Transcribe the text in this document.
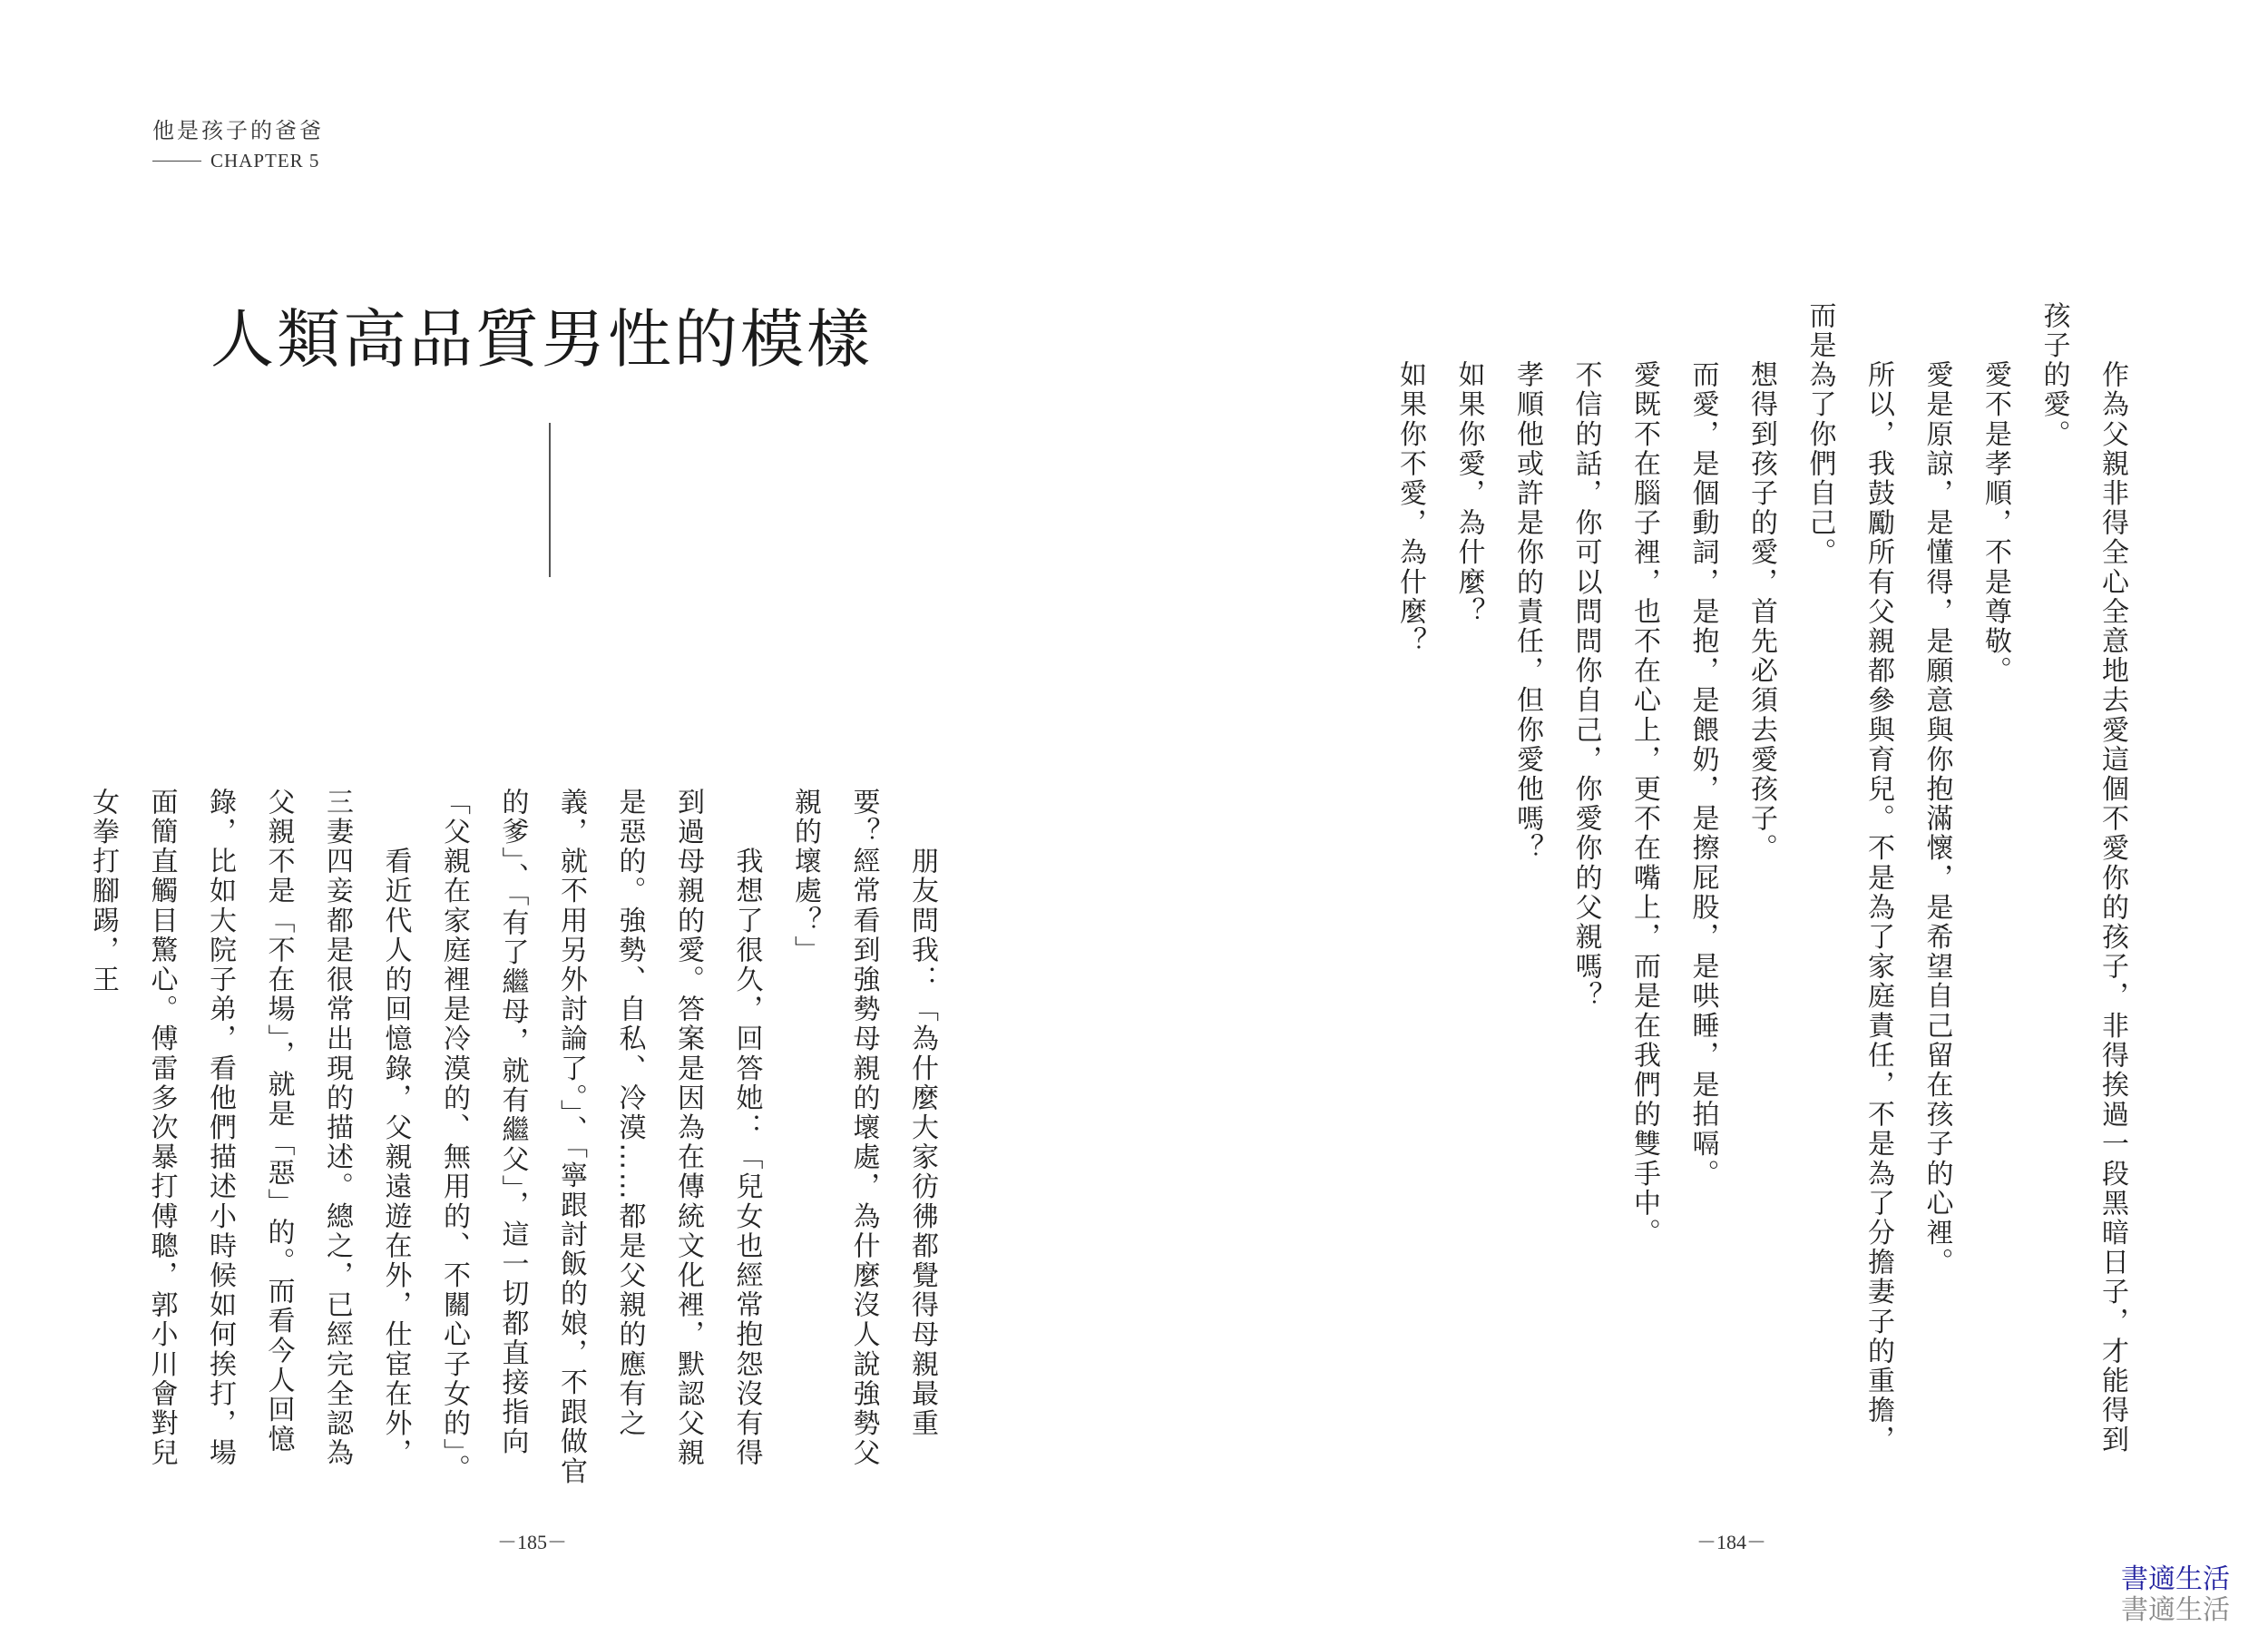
他是孩子的爸爸
CHAPTER 5
人類高品質男性的模樣

　　朋友問我：「為什麼大家彷彿都覺得母親最重要？經常看到強勢母親的壞處，為什麼沒人說強勢父親的壞處？」

　　我想了很久，回答她：「兒女也經常抱怨沒有得到過母親的愛。答案是因為在傳統文化裡，默認父親是惡的。強勢、自私、冷漠……都是父親的應有之義，就不用另外討論了。」、「寧跟討飯的娘，不跟做官的爹」、「有了繼母，就有繼父」，這一切都直接指向「父親在家庭裡是冷漠的、無用的、不關心子女的」。

　　看近代人的回憶錄，父親遠遊在外，仕宦在外，三妻四妾都是很常出現的描述。總之，已經完全認為父親不是「不在場」，就是「惡」的。而看今人回憶錄，比如大院子弟，看他們描述小時候如何挨打，場面簡直觸目驚心。傅雷多次暴打傅聰，郭小川會對兒女拳打腳踢，王

－185－

　　作為父親非得全心全意地去愛這個不愛你的孩子，非得挨過一段黑暗日子，才能得到孩子的愛。

　　愛不是孝順，不是尊敬。

　　愛是原諒，是懂得，是願意與你抱滿懷，是希望自己留在孩子的心裡。

　　所以，我鼓勵所有父親都參與育兒。不是為了家庭責任，不是為了分擔妻子的重擔，而是為了你們自己。

　　想得到孩子的愛，首先必須去愛孩子。

　　而愛，是個動詞，是抱，是餵奶，是擦屁股，是哄睡，是拍嗝。

　　愛既不在腦子裡，也不在心上，更不在嘴上，而是在我們的雙手中。

　　不信的話，你可以問問你自己，你愛你的父親嗎？

　　孝順他或許是你的責任，但你愛他嗎？

　　如果你愛，為什麼？

　　如果你不愛，為什麼？

－184－
書適生活
書適生活
